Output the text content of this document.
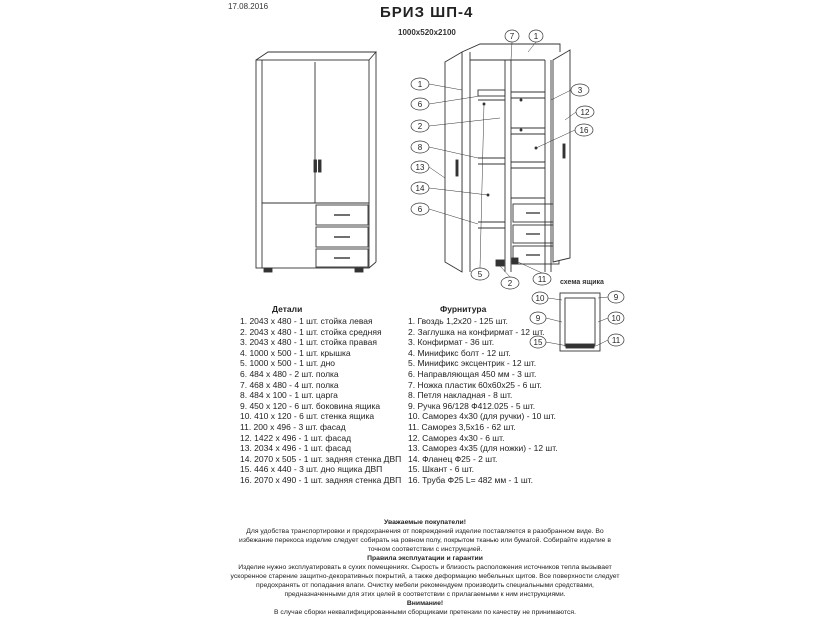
17.08.2016	БРИЗ ШП-4
1000x520x2100
1
6
2
8
13
14
6
7 1
3
12
16
5
2	11
10
9
15
9
10
11
схема ящика
Детали	Фурнитура
1. 2043 x 480 - 1 шт. стойка левая
2. 2043 x 480 - 1 шт. стойка средняя
3. 2043 x 480 - 1 шт. стойка правая
4. 1000 x 500 - 1 шт. крышка
5. 1000 x 500 - 1 шт. дно
6. 484 x 480 - 2 шт. полка
7. 468 x 480 - 4 шт. полка
8. 484 x 100 - 1 шт. царга
9. 450 x 120 - 6 шт. боковина ящика
10. 410 x 120 - 6 шт. стенка ящика
11. 200 x 496 - 3 шт. фасад
12. 1422 x 496 - 1 шт. фасад
13. 2034 x 496 - 1 шт. фасад
14. 2070 x 505 - 1 шт. задняя стенка ДВП
15. 446 x 440 - 3 шт. дно ящика ДВП
16. 2070 x 490 - 1 шт. задняя стенка ДВП
1. Гвоздь 1,2x20 - 125 шт.
2. Заглушка на конфирмат - 12 шт.
3. Конфирмат - 36 шт.
4. Минификс болт - 12 шт.
5. Минификс эксцентрик - 12 шт.
6. Направляющая 450 мм - 3 шт.
7. Ножка пластик 60x60x25 - 6 шт.
8. Петля накладная - 8 шт.
9. Ручка 96/128 Ф412.025 - 5 шт.
10. Саморез 4x30 (для ручки) - 10 шт.
11. Саморез 3,5x16 - 62 шт.
12. Саморез 4x30 - 6 шт.
13. Саморез 4x35 (для ножки) - 12 шт.
14. Фланец Ф25 - 2 шт.
15. Шкант - 6 шт.
16. Труба Ф25 L= 482 мм - 1 шт.
Уважаемые покупатели!
Для удобства транспортировки и предохранения от повреждений изделие поставляется в разобранном виде. Во избежание перекоса изделие следует собирать на ровном полу, покрытом тканью или бумагой. Собирайте изделие в точном соответствии с инструкцией.
Правила эксплуатации и гарантии
Изделие нужно эксплуатировать в сухих помещениях. Сырость и близость расположения источников тепла вызывает ускоренное старение защитно-декоративных покрытий, а также деформацию мебельных щитов. Все поверхности следует предохранять от попадания влаги. Очистку мебели рекомендуем производить специальными средствами, предназначенными для этих целей в соответствии с прилагаемыми к ним инструкциями.
Внимание!
В случае сборки неквалифицированными сборщиками претензии по качеству не принимаются.
